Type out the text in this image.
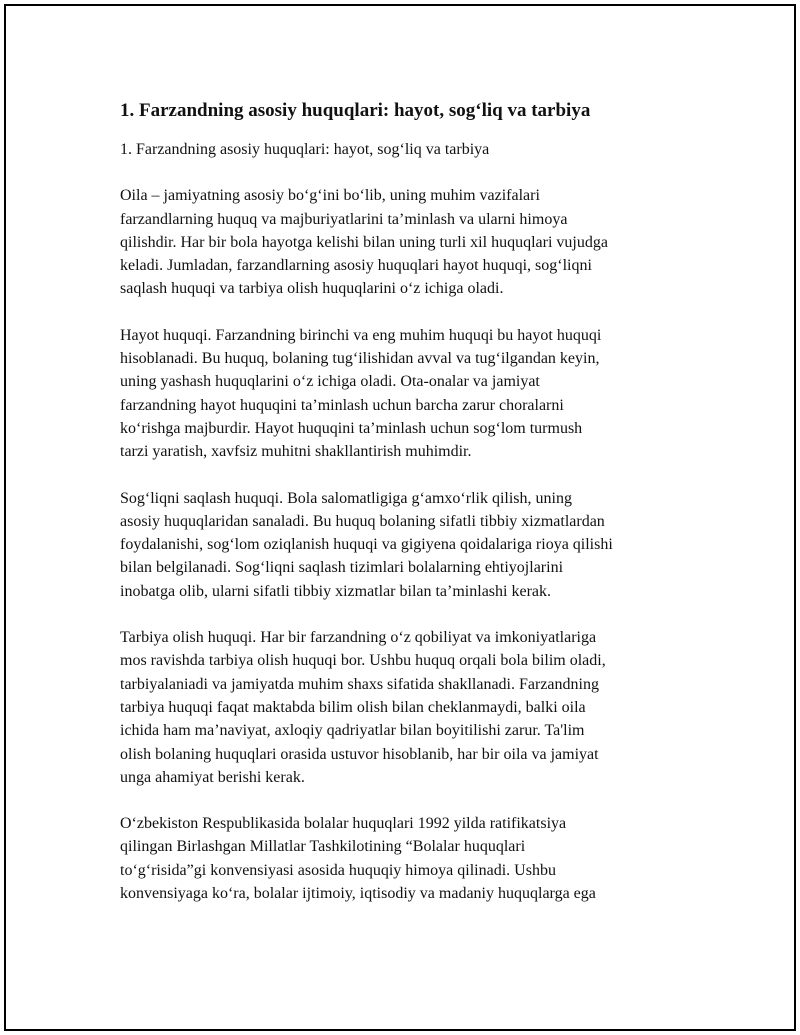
1. Farzandning asosiy huquqlari: hayot, sog‘liq va tarbiya

1. Farzandning asosiy huquqlari: hayot, sog‘liq va tarbiya

Oila – jamiyatning asosiy bo‘g‘ini bo‘lib, uning muhim vazifalari
farzandlarning huquq va majburiyatlarini ta’minlash va ularni himoya
qilishdir. Har bir bola hayotga kelishi bilan uning turli xil huquqlari vujudga
keladi. Jumladan, farzandlarning asosiy huquqlari hayot huquqi, sog‘liqni
saqlash huquqi va tarbiya olish huquqlarini o‘z ichiga oladi.

Hayot huquqi. Farzandning birinchi va eng muhim huquqi bu hayot huquqi
hisoblanadi. Bu huquq, bolaning tug‘ilishidan avval va tug‘ilgandan keyin,
uning yashash huquqlarini o‘z ichiga oladi. Ota-onalar va jamiyat
farzandning hayot huquqini ta’minlash uchun barcha zarur choralarni
ko‘rishga majburdir. Hayot huquqini ta’minlash uchun sog‘lom turmush
tarzi yaratish, xavfsiz muhitni shakllantirish muhimdir.

Sog‘liqni saqlash huquqi. Bola salomatligiga g‘amxo‘rlik qilish, uning
asosiy huquqlaridan sanaladi. Bu huquq bolaning sifatli tibbiy xizmatlardan
foydalanishi, sog‘lom oziqlanish huquqi va gigiyena qoidalariga rioya qilishi
bilan belgilanadi. Sog‘liqni saqlash tizimlari bolalarning ehtiyojlarini
inobatga olib, ularni sifatli tibbiy xizmatlar bilan ta’minlashi kerak.

Tarbiya olish huquqi. Har bir farzandning o‘z qobiliyat va imkoniyatlariga
mos ravishda tarbiya olish huquqi bor. Ushbu huquq orqali bola bilim oladi,
tarbiyalaniadi va jamiyatda muhim shaxs sifatida shakllanadi. Farzandning
tarbiya huquqi faqat maktabda bilim olish bilan cheklanmaydi, balki oila
ichida ham ma’naviyat, axloqiy qadriyatlar bilan boyitilishi zarur. Ta'lim
olish bolaning huquqlari orasida ustuvor hisoblanib, har bir oila va jamiyat
unga ahamiyat berishi kerak.

O‘zbekiston Respublikasida bolalar huquqlari 1992 yilda ratifikatsiya
qilingan Birlashgan Millatlar Tashkilotining “Bolalar huquqlari
to‘g‘risida”gi konvensiyasi asosida huquqiy himoya qilinadi. Ushbu
konvensiyaga ko‘ra, bolalar ijtimoiy, iqtisodiy va madaniy huquqlarga ega
